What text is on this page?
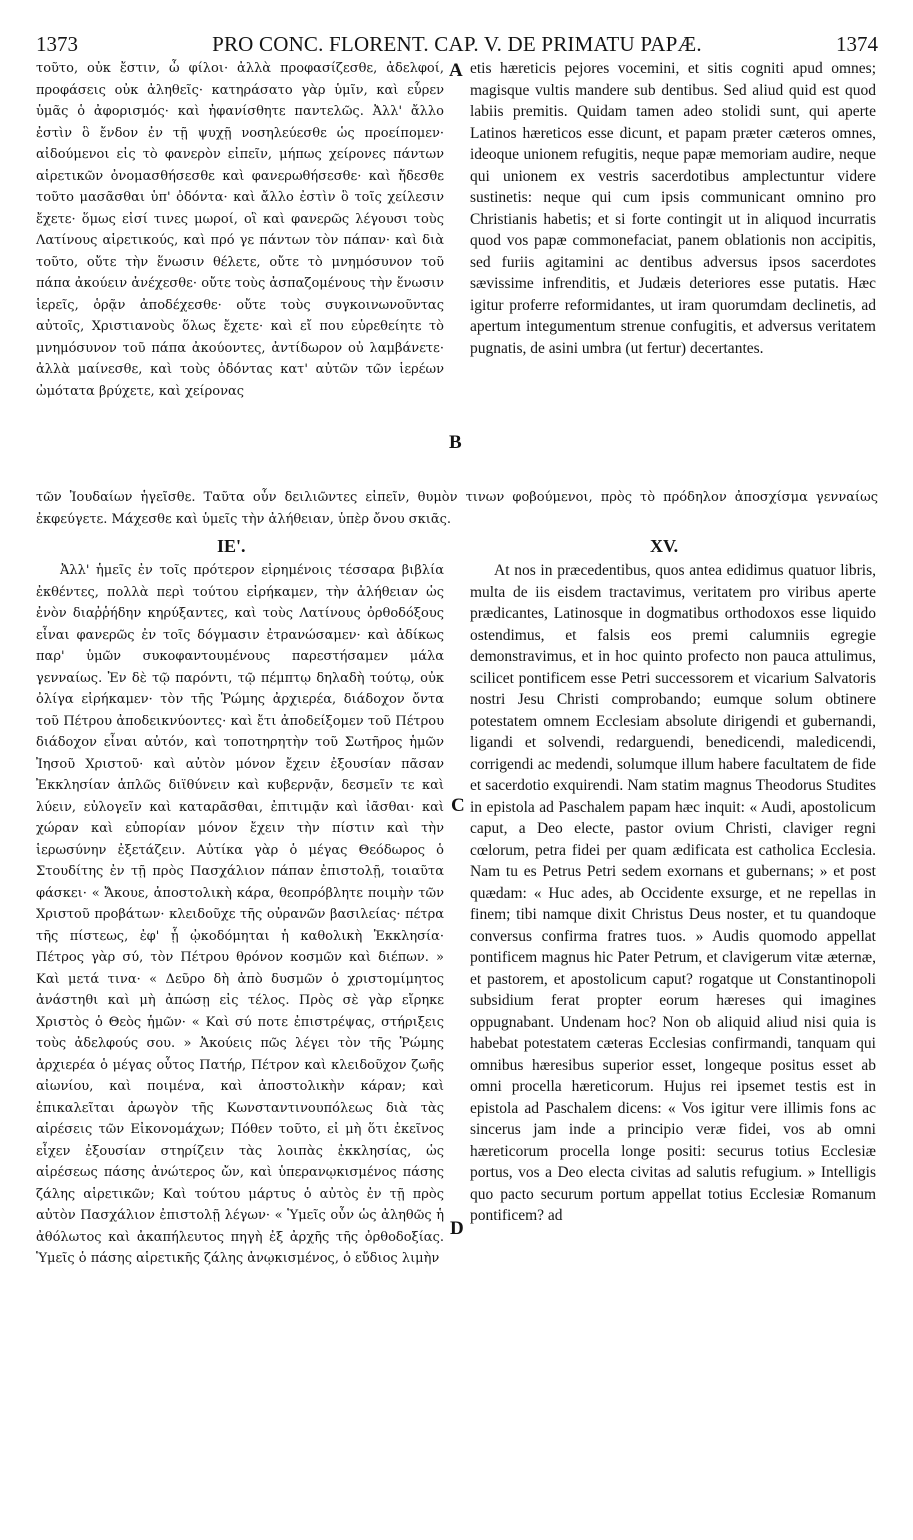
1373	PRO CONC. FLORENT. CAP. V. DE PRIMATU PAPÆ.	1374

τοῦτο, οὐκ ἔστιν, ὦ φίλοι· ἀλλὰ προφασίζεσθε, ἀδελφοί, προφάσεις οὐκ ἀληθεῖς· κατηράσατο γὰρ ὑμῖν, καὶ εὗρεν ὑμᾶς ὁ ἀφορισμός· καὶ ἠφανίσθητε παντελῶς. Ἀλλ' ἄλλο ἐστὶν ὃ ἔνδον ἐν τῇ ψυχῇ νοσηλεύεσθε ὡς προείπομεν· αἰδούμενοι εἰς τὸ φανερὸν εἰπεῖν, μήπως χείρονες πάντων αἱρετικῶν ὀνομασθήσεσθε καὶ φανερωθήσεσθε· καὶ ἤδεσθε τοῦτο μασᾶσθαι ὑπ' ὀδόντα· καὶ ἄλλο ἐστὶν ὃ τοῖς χείλεσιν ἔχετε· ὅμως εἰσί τινες μωροί, οἳ καὶ φανερῶς λέγουσι τοὺς Λατίνους αἱρετικούς, καὶ πρό γε πάντων τὸν πάπαν· καὶ διὰ τοῦτο, οὔτε τὴν ἕνωσιν θέλετε, οὔτε τὸ μνημόσυνον τοῦ πάπα ἀκούειν ἀνέχεσθε· οὔτε τοὺς ἀσπαζομένους τὴν ἕνωσιν ἱερεῖς, ὁρᾷν ἀποδέχεσθε· οὔτε τοὺς συγκοινωνοῦντας αὐτοῖς, Χριστιανοὺς ὅλως ἔχετε· καὶ εἴ που εὑρεθείητε τὸ μνημόσυνον τοῦ πάπα ἀκούοντες, ἀντίδωρον οὐ λαμβάνετε· ἀλλὰ μαίνεσθε, καὶ τοὺς ὀδόντας κατ' αὐτῶν τῶν ἱερέων ὠμότατα βρύχετε, καὶ χείρονας

etis hæreticis pejores vocemini, et sitis cogniti apud omnes; magisque vultis mandere sub dentibus. Sed aliud quid est quod labiis premitis. Quidam tamen adeo stolidi sunt, qui aperte Latinos hæreticos esse dicunt, et papam præter cæteros omnes, ideoque unionem refugitis, neque papæ memoriam audire, neque qui unionem ex vestris sacerdotibus amplectuntur videre sustinetis: neque qui cum ipsis communicant omnino pro Christianis habetis; et si forte contingit ut in aliquod incurratis quod vos papæ commonefaciat, panem oblationis non accipitis, sed furiis agitamini ac dentibus adversus ipsos sacerdotes sævissime infrenditis, et Judæis deteriores esse putatis. Hæc igitur proferre reformidantes, ut iram quorumdam declinetis, ad apertum integumentum strenue confugitis, et adversus veritatem pugnatis, de asini umbra (ut fertur) decertantes.

A
B
C
D

τῶν Ἰουδαίων ἡγεῖσθε. Ταῦτα οὖν δειλιῶντες εἰπεῖν, θυμὸν τινων φοβούμενοι, πρὸς τὸ πρόδηλον ἀποσχίσμα γενναίως ἐκφεύγετε. Μάχεσθε καὶ ὑμεῖς τὴν ἀλήθειαν, ὑπὲρ ὄνου σκιᾶς.

ΙΕ'.	XV.

Ἀλλ' ἡμεῖς ἐν τοῖς πρότερον εἰρημένοις τέσσαρα βιβλία ἐκθέντες, πολλὰ περὶ τούτου εἰρήκαμεν, τὴν ἀλήθειαν ὡς ἐνὸν διαῤῥήδην κηρύξαντες, καὶ τοὺς Λατίνους ὀρθοδόξους εἶναι φανερῶς ἐν τοῖς δόγμασιν ἐτρανώσαμεν· καὶ ἀδίκως παρ' ὑμῶν συκοφαντουμένους παρεστήσαμεν μάλα γενναίως. Ἐν δὲ τῷ παρόντι, τῷ πέμπτῳ δηλαδὴ τούτῳ, οὐκ ὀλίγα εἰρήκαμεν· τὸν τῆς Ῥώμης ἀρχιερέα, διάδοχον ὄντα τοῦ Πέτρου ἀποδεικνύοντες· καὶ ἔτι ἀποδείξομεν τοῦ Πέτρου διάδοχον εἶναι αὐτόν, καὶ τοποτηρητὴν τοῦ Σωτῆρος ἡμῶν Ἰησοῦ Χριστοῦ· καὶ αὐτὸν μόνον ἔχειν ἐξουσίαν πᾶσαν Ἐκκλησίαν ἁπλῶς διϊθύνειν καὶ κυβερνᾷν, δεσμεῖν τε καὶ λύειν, εὐλογεῖν καὶ καταρᾶσθαι, ἐπιτιμᾷν καὶ ἰᾶσθαι· καὶ χώραν καὶ εὐπορίαν μόνον ἔχειν τὴν πίστιν καὶ τὴν ἱερωσύνην ἐξετάζειν. Αὐτίκα γὰρ ὁ μέγας Θεόδωρος ὁ Στουδίτης ἐν τῇ πρὸς Πασχάλιον πάπαν ἐπιστολῇ, τοιαῦτα φάσκει· « Ἄκουε, ἀποστολικὴ κάρα, θεοπρόβλητε ποιμὴν τῶν Χριστοῦ προβάτων· κλειδοῦχε τῆς οὐρανῶν βασιλείας· πέτρα τῆς πίστεως, ἐφ' ᾗ ᾠκοδόμηται ἡ καθολικὴ Ἐκκλησία· Πέτρος γὰρ σύ, τὸν Πέτρου θρόνον κοσμῶν καὶ διέπων. » Καὶ μετά τινα· « Δεῦρο δὴ ἀπὸ δυσμῶν ὁ χριστομίμητος ἀνάστηθι καὶ μὴ ἀπώσῃ εἰς τέλος. Πρὸς σὲ γὰρ εἴρηκε Χριστὸς ὁ Θεὸς ἡμῶν· « Καὶ σύ ποτε ἐπιστρέψας, στήριξεις τοὺς ἀδελφούς σου. » Ἀκούεις πῶς λέγει τὸν τῆς Ῥώμης ἀρχιερέα ὁ μέγας οὗτος Πατήρ, Πέτρον καὶ κλειδοῦχον ζωῆς αἰωνίου, καὶ ποιμένα, καὶ ἀποστολικὴν κάραν; καὶ ἐπικαλεῖται ἀρωγὸν τῆς Κωνσταντινουπόλεως διὰ τὰς αἱρέσεις τῶν Εἰκονομάχων; Πόθεν τοῦτο, εἰ μὴ ὅτι ἐκεῖνος εἶχεν ἐξουσίαν στηρίζειν τὰς λοιπὰς ἐκκλησίας, ὡς αἱρέσεως πάσης ἀνώτερος ὤν, καὶ ὑπερανῳκισμένος πάσης ζάλης αἱρετικῶν; Καὶ τούτου μάρτυς ὁ αὐτὸς ἐν τῇ πρὸς αὐτὸν Πασχάλιον ἐπιστολῇ λέγων· « Ὑμεῖς οὖν ὡς ἀληθῶς ἡ ἀθόλωτος καὶ ἀκαπήλευτος πηγὴ ἐξ ἀρχῆς τῆς ὀρθοδοξίας. Ὑμεῖς ὁ πάσης αἱρετικῆς ζάλης ἀνῳκισμένος, ὁ εὔδιος λιμὴν

At nos in præcedentibus, quos antea edidimus quatuor libris, multa de iis eisdem tractavimus, veritatem pro viribus aperte prædicantes, Latinosque in dogmatibus orthodoxos esse liquido ostendimus, et falsis eos premi calumniis egregie demonstravimus, et in hoc quinto profecto non pauca attulimus, scilicet pontificem esse Petri successorem et vicarium Salvatoris nostri Jesu Christi comprobando; eumque solum obtinere potestatem omnem Ecclesiam absolute dirigendi et gubernandi, ligandi et solvendi, redarguendi, benedicendi, maledicendi, corrigendi ac medendi, solumque illum habere facultatem de fide et sacerdotio exquirendi. Nam statim magnus Theodorus Studites in epistola ad Paschalem papam hæc inquit: « Audi, apostolicum caput, a Deo electe, pastor ovium Christi, claviger regni cœlorum, petra fidei per quam ædificata est catholica Ecclesia. Nam tu es Petrus Petri sedem exornans et gubernans; » et post quædam: « Huc ades, ab Occidente exsurge, et ne repellas in finem; tibi namque dixit Christus Deus noster, et tu quandoque conversus confirma fratres tuos. » Audis quomodo appellat pontificem magnus hic Pater Petrum, et clavigerum vitæ æternæ, et pastorem, et apostolicum caput? rogatque ut Constantinopoli subsidium ferat propter eorum hæreses qui imagines oppugnabant. Undenam hoc? Non ob aliquid aliud nisi quia is habebat potestatem cæteras Ecclesias confirmandi, tanquam qui omnibus hæresibus superior esset, longeque positus esset ab omni procella hæreticorum. Hujus rei ipsemet testis est in epistola ad Paschalem dicens: « Vos igitur vere illimis fons ac sincerus jam inde a principio veræ fidei, vos ab omni hæreticorum procella longe positi: securus totius Ecclesiæ portus, vos a Deo electa civitas ad salutis refugium. » Intelligis quo pacto securum portum appellat totius Ecclesiæ Romanum pontificem? ad
